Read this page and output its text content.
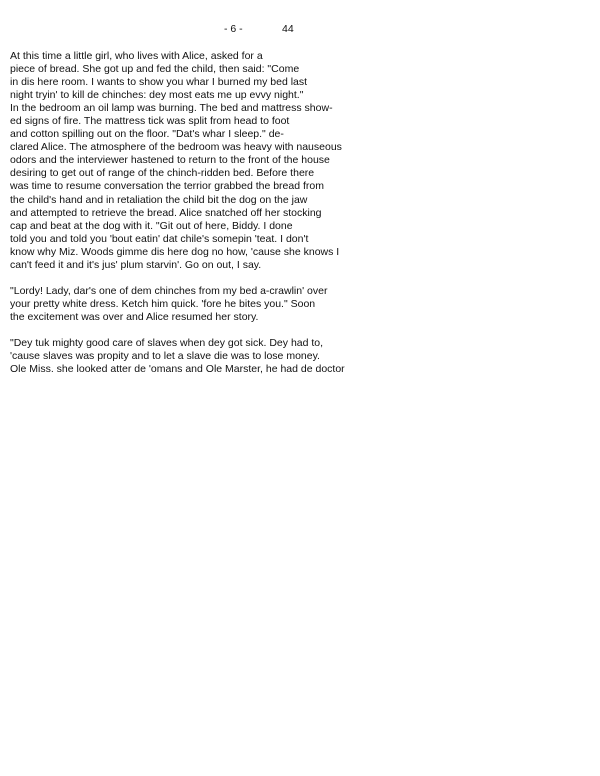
- 6 -	44

At this time a little girl, who lives with Alice, asked for a
piece of bread. She got up and fed the child, then said: "Come
in dis here room. I wants to show you whar I burned my bed last
night tryin' to kill de chinches: dey most eats me up evvy night."
In the bedroom an oil lamp was burning. The bed and mattress show-
ed signs of fire. The mattress tick was split from head to foot
and cotton spilling out on the floor. "Dat's whar I sleep." de-
clared Alice. The atmosphere of the bedroom was heavy with nauseous
odors and the interviewer hastened to return to the front of the house
desiring to get out of range of the chinch-ridden bed. Before there
was time to resume conversation the terrior grabbed the bread from
the child's hand and in retaliation the child bit the dog on the jaw
and attempted to retrieve the bread. Alice snatched off her stocking
cap and beat at the dog with it. "Git out of here, Biddy. I done
told you and told you 'bout eatin' dat chile's somepin 'teat. I don't
know why Miz. Woods gimme dis here dog no how, 'cause she knows I
can't feed it and it's jus' plum starvin'. Go on out, I say.

"Lordy! Lady, dar's one of dem chinches from my bed a-crawlin' over
your pretty white dress. Ketch him quick. 'fore he bites you." Soon
the excitement was over and Alice resumed her story.

"Dey tuk mighty good care of slaves when dey got sick. Dey had to,
'cause slaves was propity and to let a slave die was to lose money.
Ole Miss. she looked atter de 'omans and Ole Marster, he had de doctor
